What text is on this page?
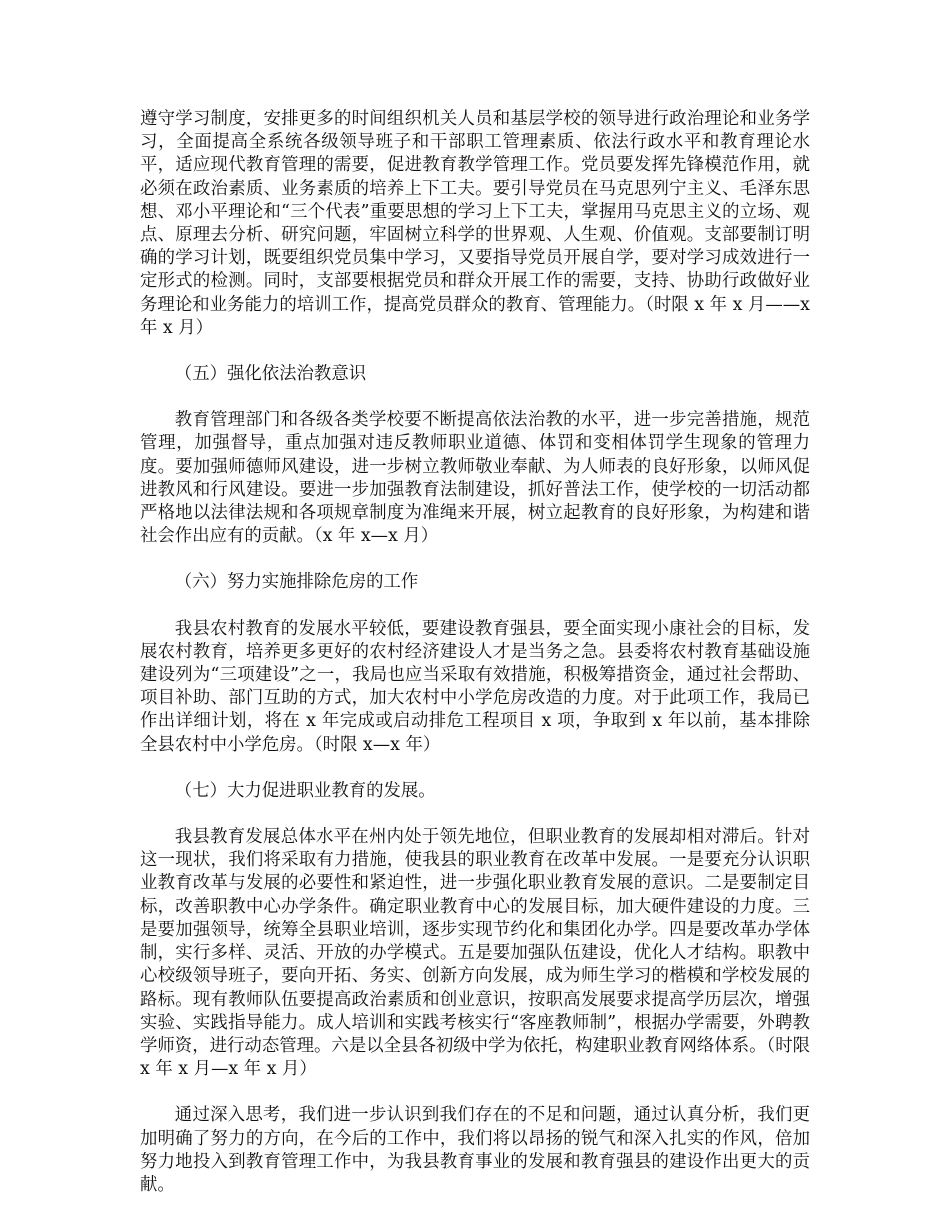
遵守学习制度，安排更多的时间组织机关人员和基层学校的领导进行政治理论和业务学习，全面提高全系统各级领导班子和干部职工管理素质、依法行政水平和教育理论水平，适应现代教育管理的需要，促进教育教学管理工作。党员要发挥先锋模范作用，就必须在政治素质、业务素质的培养上下工夫。要引导党员在马克思列宁主义、毛泽东思想、邓小平理论和“三个代表”重要思想的学习上下工夫，掌握用马克思主义的立场、观点、原理去分析、研究问题，牢固树立科学的世界观、人生观、价值观。支部要制订明确的学习计划，既要组织党员集中学习，又要指导党员开展自学，要对学习成效进行一定形式的检测。同时，支部要根据党员和群众开展工作的需要，支持、协助行政做好业务理论和业务能力的培训工作，提高党员群众的教育、管理能力。（时限 x 年 x 月——x 年 x 月）

（五）强化依法治教意识

教育管理部门和各级各类学校要不断提高依法治教的水平，进一步完善措施，规范管理，加强督导，重点加强对违反教师职业道德、体罚和变相体罚学生现象的管理力度。要加强师德师风建设，进一步树立教师敬业奉献、为人师表的良好形象，以师风促进教风和行风建设。要进一步加强教育法制建设，抓好普法工作，使学校的一切活动都严格地以法律法规和各项规章制度为准绳来开展，树立起教育的良好形象，为构建和谐社会作出应有的贡献。（x 年 x—x 月）

（六）努力实施排除危房的工作

我县农村教育的发展水平较低，要建设教育强县，要全面实现小康社会的目标，发展农村教育，培养更多更好的农村经济建设人才是当务之急。县委将农村教育基础设施建设列为“三项建设”之一，我局也应当采取有效措施，积极筹措资金，通过社会帮助、项目补助、部门互助的方式，加大农村中小学危房改造的力度。对于此项工作，我局已作出详细计划，将在 x 年完成或启动排危工程项目 x 项，争取到 x 年以前，基本排除全县农村中小学危房。（时限 x—x 年）

（七）大力促进职业教育的发展。

我县教育发展总体水平在州内处于领先地位，但职业教育的发展却相对滞后。针对这一现状，我们将采取有力措施，使我县的职业教育在改革中发展。一是要充分认识职业教育改革与发展的必要性和紧迫性，进一步强化职业教育发展的意识。二是要制定目标，改善职教中心办学条件。确定职业教育中心的发展目标，加大硬件建设的力度。三是要加强领导，统筹全县职业培训，逐步实现节约化和集团化办学。四是要改革办学体制，实行多样、灵活、开放的办学模式。五是要加强队伍建设，优化人才结构。职教中心校级领导班子，要向开拓、务实、创新方向发展，成为师生学习的楷模和学校发展的路标。现有教师队伍要提高政治素质和创业意识，按职高发展要求提高学历层次，增强实验、实践指导能力。成人培训和实践考核实行“客座教师制”，根据办学需要，外聘教学师资，进行动态管理。六是以全县各初级中学为依托，构建职业教育网络体系。（时限 x 年 x 月—x 年 x 月）

通过深入思考，我们进一步认识到我们存在的不足和问题，通过认真分析，我们更加明确了努力的方向，在今后的工作中，我们将以昂扬的锐气和深入扎实的作风，倍加努力地投入到教育管理工作中，为我县教育事业的发展和教育强县的建设作出更大的贡献。
